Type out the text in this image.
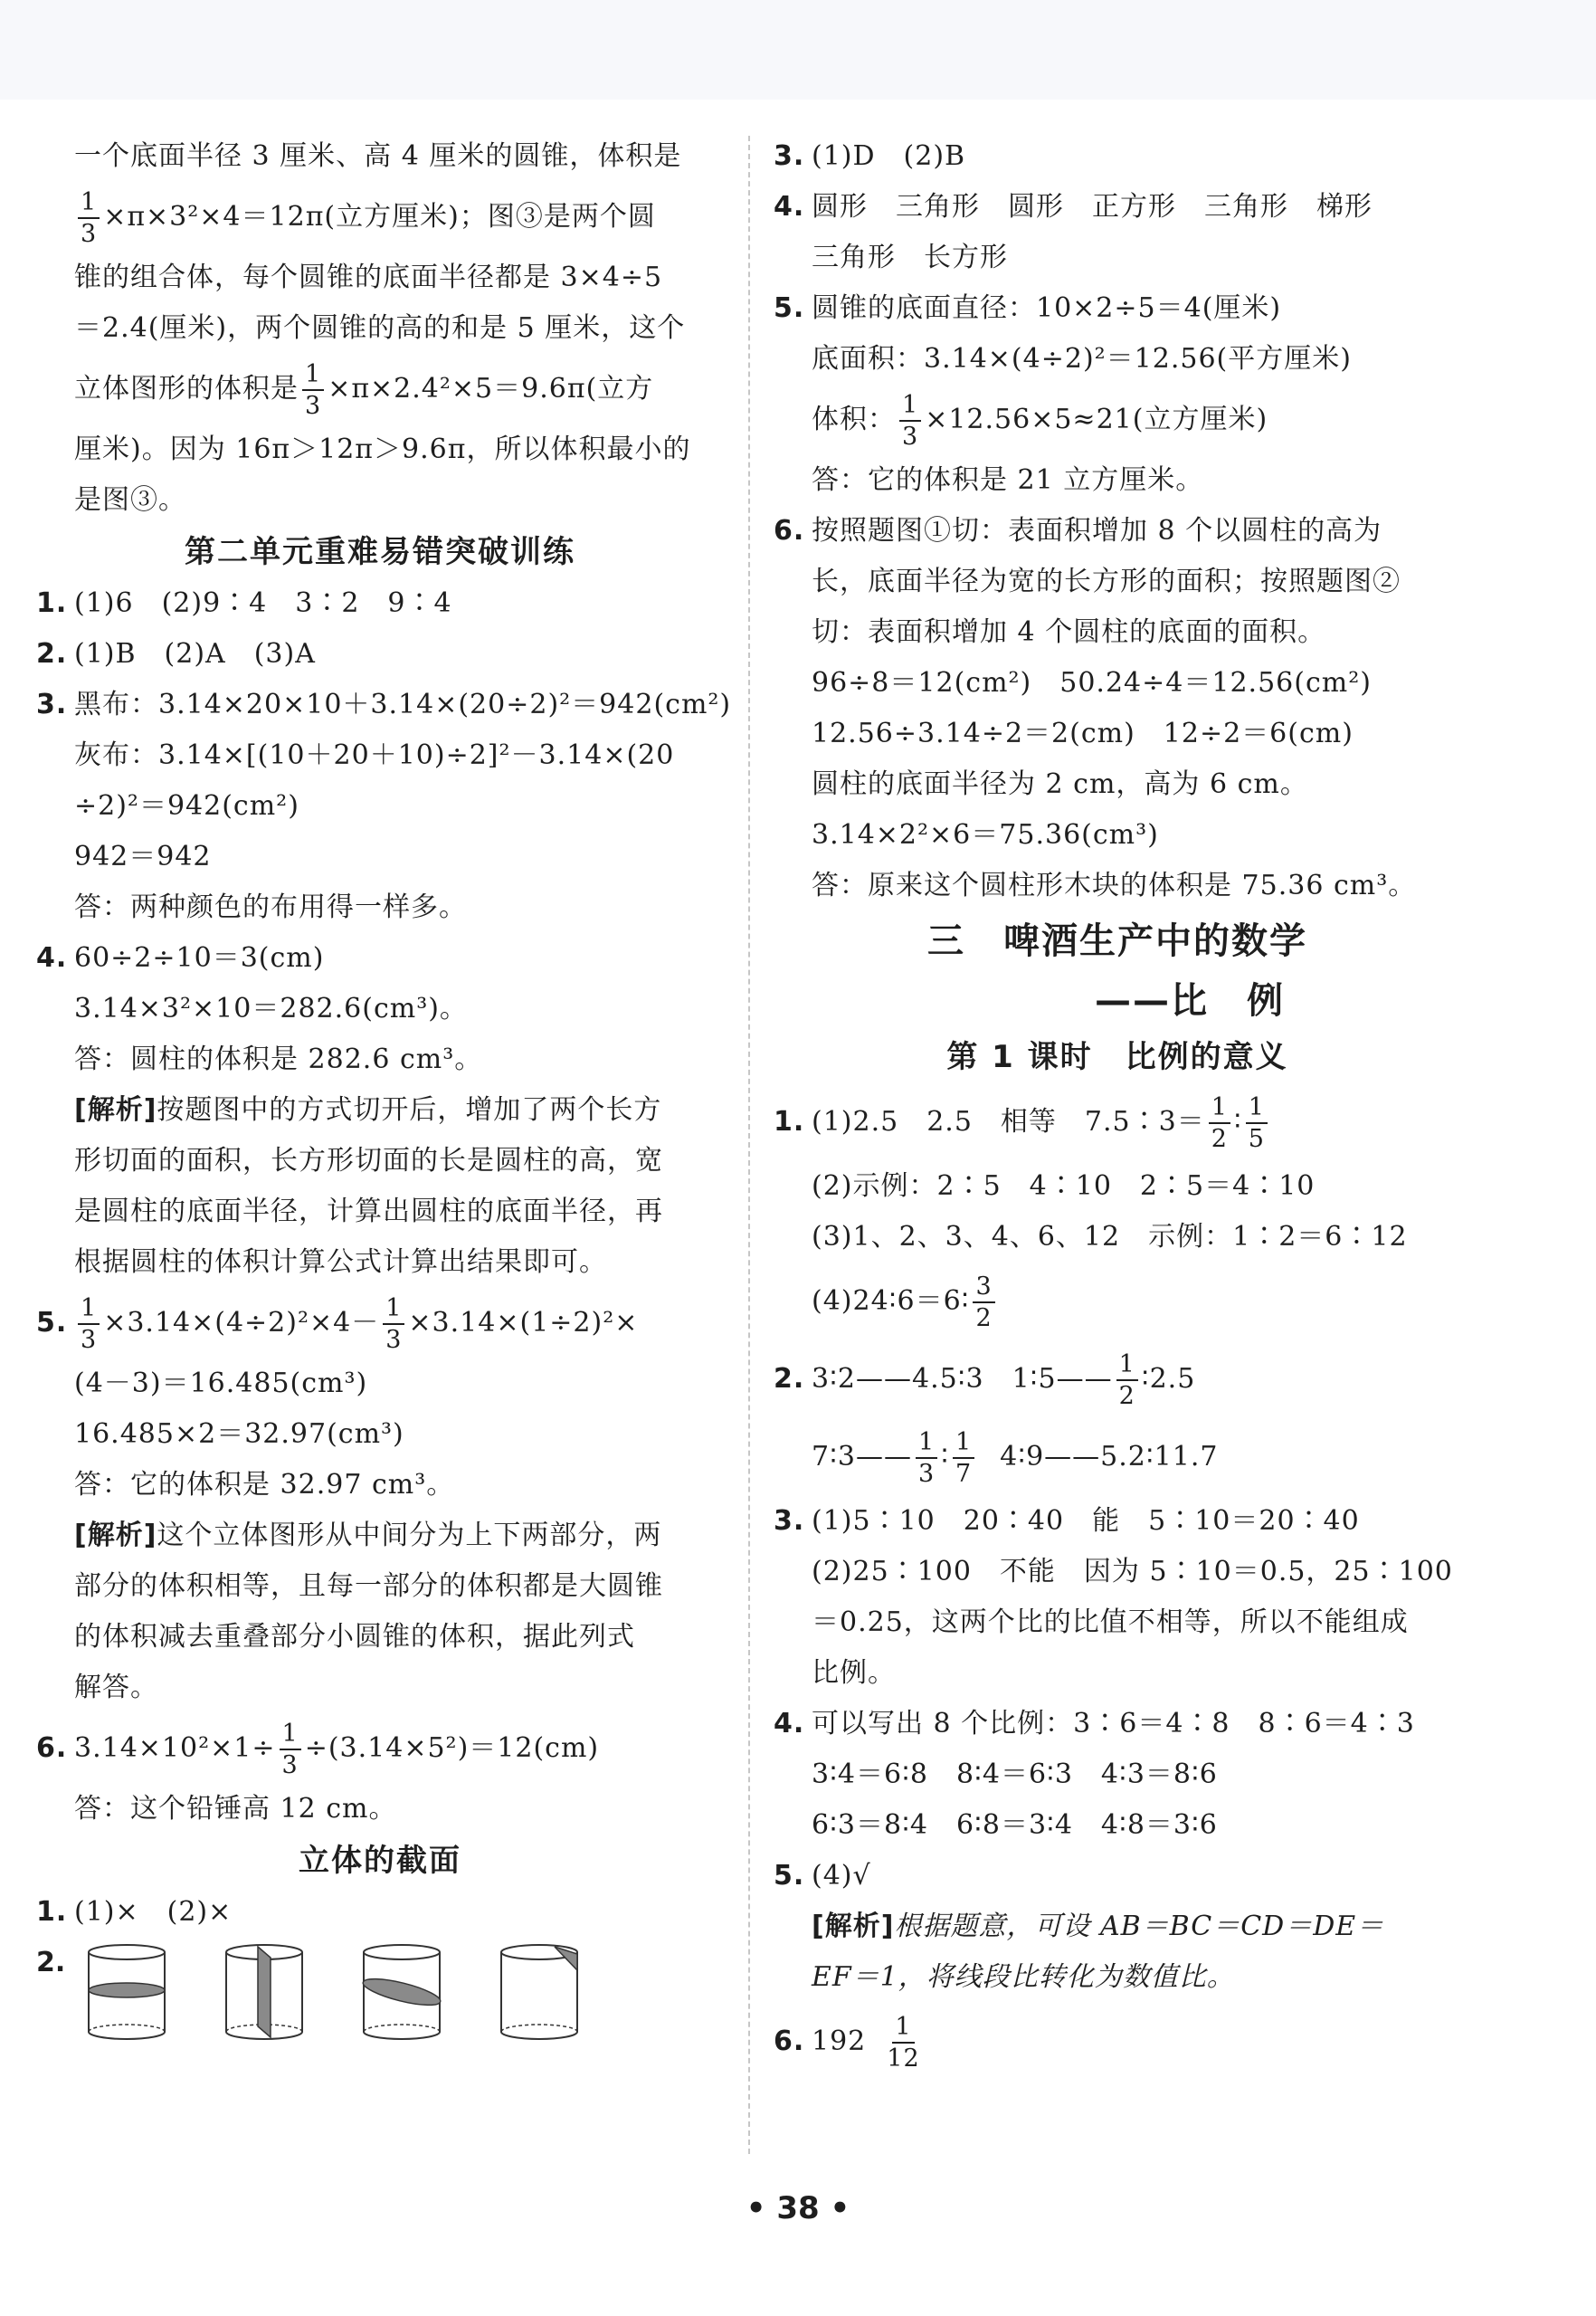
一个底面半径 3 厘米、高 4 厘米的圆锥，体积是
$\frac{1}{3} \times\pi\times 3^2\times 4=12\pi$(立方厘米)；图③是两个圆
锥的组合体，每个圆锥的底面半径都是 3×4÷5
＝2.4(厘米)，两个圆锥的高的和是 5 厘米，这个
立体图形的体积是 $\frac{1}{3} \times\pi\times 2.4^2\times 5=9.6\pi$(立方
厘米)。因为 16π＞12π＞9.6π，所以体积最小的
是图③。
第二单元重难易错突破训练
1. (1)6　(2)9∶4　3∶2　9∶4
2. (1)B　(2)A　(3)A
3. 黑布：3.14×20×10＋3.14×(20÷2)²＝942(cm²)
灰布：3.14×[(10＋20＋10)÷2]²－3.14×(20
÷2)²＝942(cm²)
942＝942
答：两种颜色的布用得一样多。
4. 60÷2÷10＝3(cm)
3.14×3²×10＝282.6(cm³)。
答：圆柱的体积是 282.6 cm³。
[解析]按题图中的方式切开后，增加了两个长方
形切面的面积，长方形切面的长是圆柱的高，宽
是圆柱的底面半径，计算出圆柱的底面半径，再
根据圆柱的体积计算公式计算出结果即可。
5. $\frac{1}{3} \times 3.14\times(4\div 2)^2\times 4- \frac{1}{3} \times 3.14\times(1\div 2)^2\times$
(4－3)＝16.485(cm³)
16.485×2＝32.97(cm³)
答：它的体积是 32.97 cm³。
[解析]这个立体图形从中间分为上下两部分，两
部分的体积相等，且每一部分的体积都是大圆锥
的体积减去重叠部分小圆锥的体积，据此列式
解答。
6. $3.14\times 10^2\times 1\div \frac{1}{3} \div(3.14\times 5^2)=12(cm)$
答：这个铅锤高 12 cm。
立体的截面
1. (1)×　(2)×
2.
3. (1)D　(2)B
4. 圆形　三角形　圆形　正方形　三角形　梯形
三角形　长方形
5. 圆锥的底面直径：10×2÷5＝4(厘米)
底面积：3.14×(4÷2)²＝12.56(平方厘米)
体积： $\frac{1}{3} \times 12.56\times 5\approx 21$(立方厘米)
答：它的体积是 21 立方厘米。
6. 按照题图①切：表面积增加 8 个以圆柱的高为
长，底面半径为宽的长方形的面积；按照题图②
切：表面积增加 4 个圆柱的底面的面积。
96÷8＝12(cm²)　50.24÷4＝12.56(cm²)
12.56÷3.14÷2＝2(cm)　12÷2＝6(cm)
圆柱的底面半径为 2 cm，高为 6 cm。
3.14×2²×6＝75.36(cm³)
答：原来这个圆柱形木块的体积是 75.36 cm³。
三　啤酒生产中的数学
——比　例
第 1 课时　比例的意义
1. (1)2.5　2.5　相等　7.5∶3＝ $\frac{1}{2}$ ∶ $\frac{1}{5}$
(2)示例：2∶5　4∶10　2∶5＝4∶10
(3)1、2、3、4、6、12　示例：1∶2＝6∶12
(4)24∶6＝6∶ $\frac{3}{2}$
2. 3∶2——4.5∶3　1∶5—— $\frac{1}{2}$ ∶2.5
7∶3—— $\frac{1}{3}$ ∶ $\frac{1}{7}$ 4∶9——5.2∶11.7
3. (1)5∶10　20∶40　能　5∶10＝20∶40
(2)25∶100　不能　因为 5∶10＝0.5，25∶100
＝0.25，这两个比的比值不相等，所以不能组成
比例。
4. 可以写出 8 个比例：3∶6＝4∶8　8∶6＝4∶3
3∶4＝6∶8　8∶4＝6∶3　4∶3＝8∶6
6∶3＝8∶4　6∶8＝3∶4　4∶8＝3∶6
5. (4)√
[解析]根据题意，可设 AB＝BC＝CD＝DE＝
EF＝1，将线段比转化为数值比。
6. $192 \frac{1}{12}$
• 38 •
